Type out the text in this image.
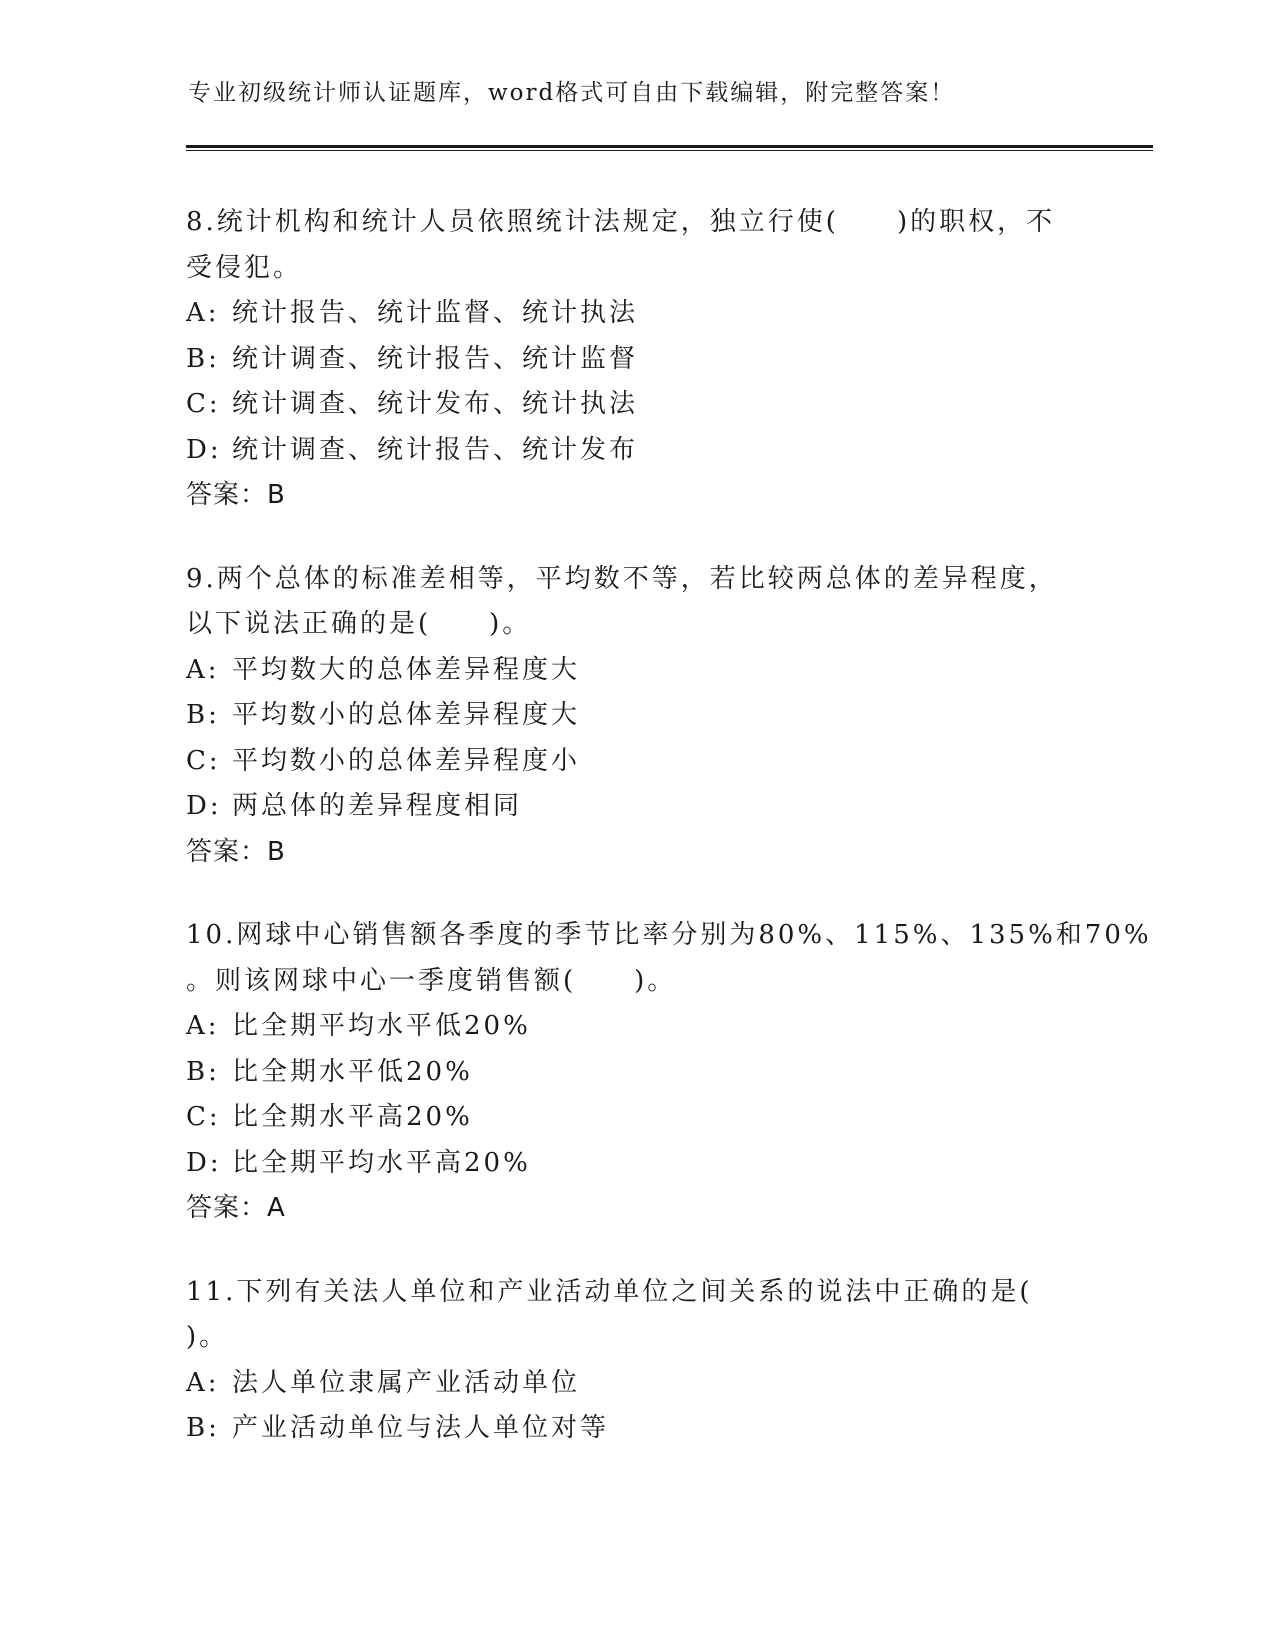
专业初级统计师认证题库，word格式可自由下载编辑，附完整答案！
8.统计机构和统计人员依照统计法规定，独立行使(　　)的职权，不
受侵犯。
A: 统计报告、统计监督、统计执法
B: 统计调查、统计报告、统计监督
C: 统计调查、统计发布、统计执法
D: 统计调查、统计报告、统计发布
答案：B
9.两个总体的标准差相等，平均数不等，若比较两总体的差异程度，
以下说法正确的是(　　)。
A: 平均数大的总体差异程度大
B: 平均数小的总体差异程度大
C: 平均数小的总体差异程度小
D: 两总体的差异程度相同
答案：B
10.网球中心销售额各季度的季节比率分别为80%、115%、135%和70%
。则该网球中心一季度销售额(　　)。
A: 比全期平均水平低20%
B: 比全期水平低20%
C: 比全期水平高20%
D: 比全期平均水平高20%
答案：A
11.下列有关法人单位和产业活动单位之间关系的说法中正确的是(
)。
A: 法人单位隶属产业活动单位
B: 产业活动单位与法人单位对等
